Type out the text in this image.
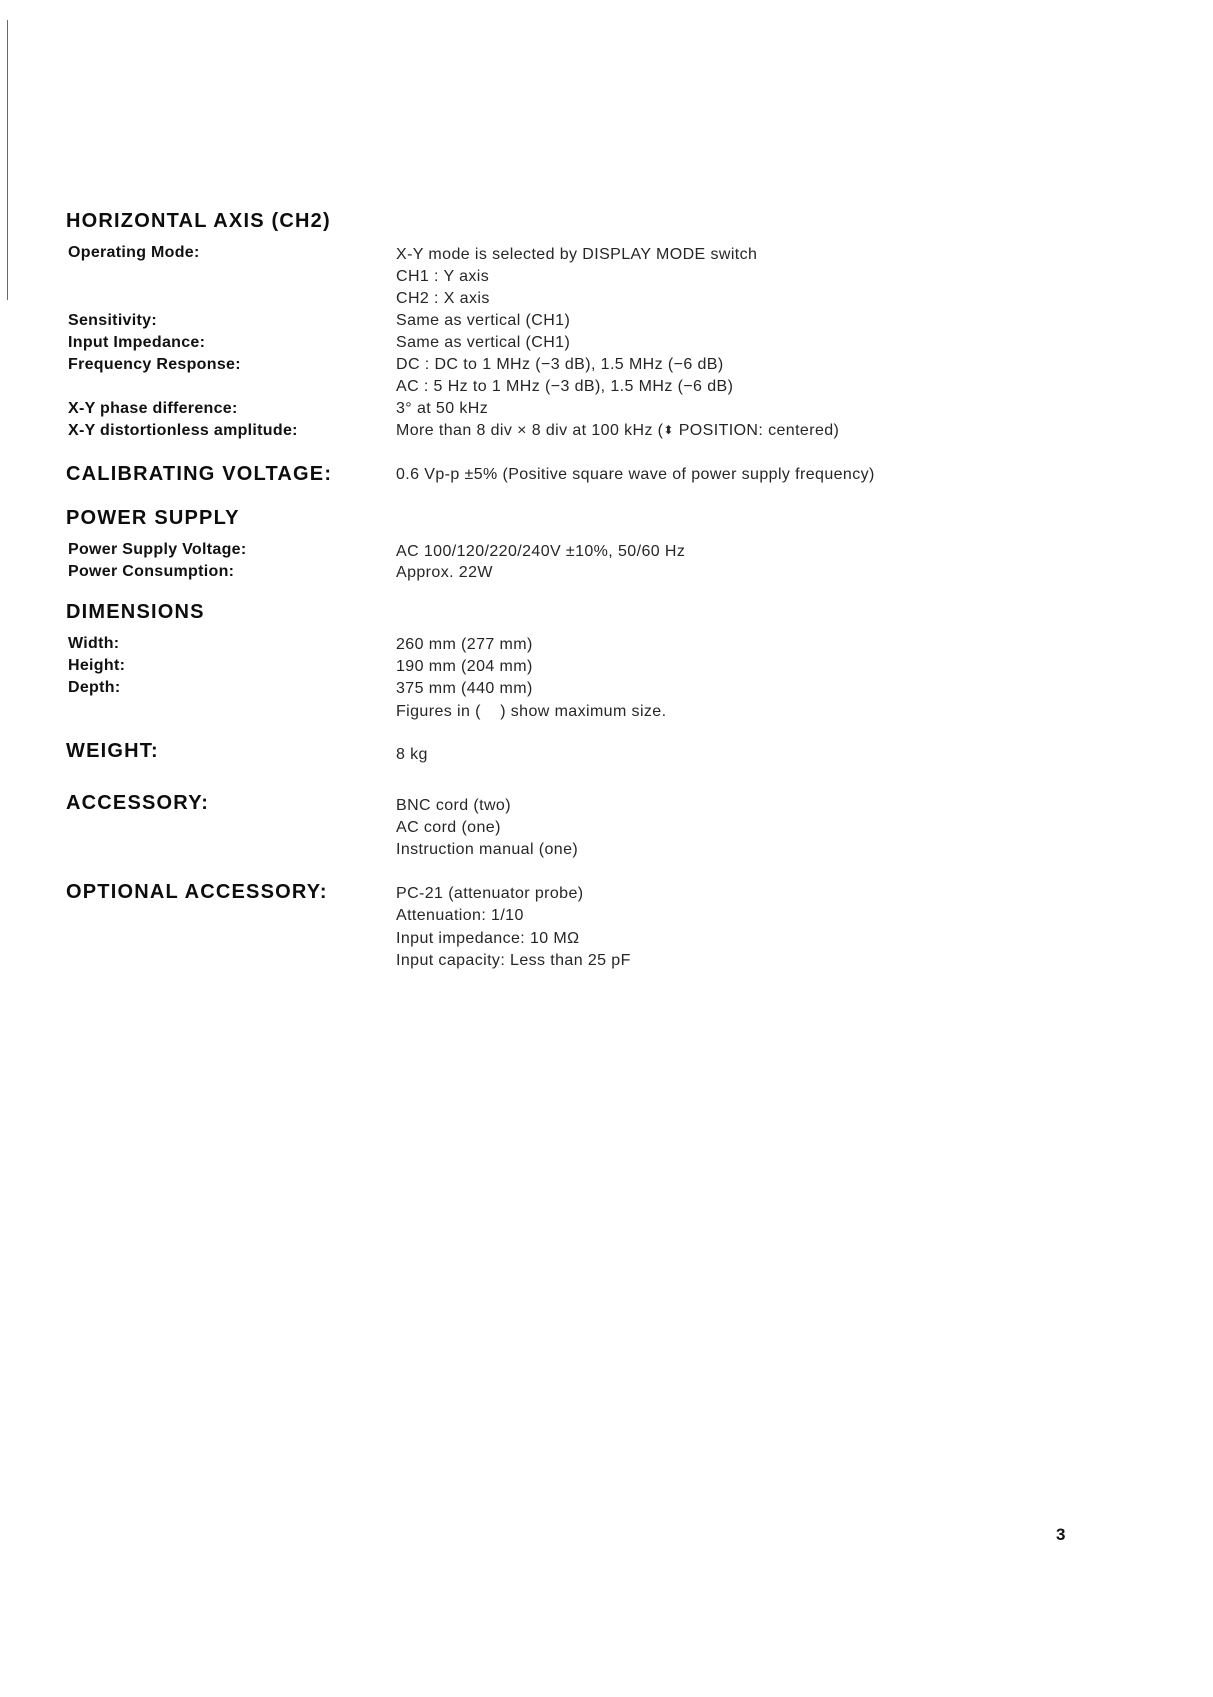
HORIZONTAL AXIS (CH2)
Operating Mode:	X-Y mode is selected by DISPLAY MODE switch
CH1 : Y axis
CH2 : X axis
Sensitivity:	Same as vertical (CH1)
Input Impedance:	Same as vertical (CH1)
Frequency Response:	DC : DC to 1 MHz (−3 dB), 1.5 MHz (−6 dB)
AC : 5 Hz to 1 MHz (−3 dB), 1.5 MHz (−6 dB)
X-Y phase difference:	3° at 50 kHz
X-Y distortionless amplitude:	More than 8 div × 8 div at 100 kHz (⬍ POSITION: centered)
CALIBRATING VOLTAGE:	0.6 Vp-p ±5% (Positive square wave of power supply frequency)
POWER SUPPLY
Power Supply Voltage:	AC 100/120/220/240V ±10%, 50/60 Hz
Power Consumption:	Approx. 22W
DIMENSIONS
Width:	260 mm (277 mm)
Height:	190 mm (204 mm)
Depth:	375 mm (440 mm)
Figures in (    ) show maximum size.
WEIGHT:	8 kg
ACCESSORY:	BNC cord (two)
AC cord (one)
Instruction manual (one)
OPTIONAL ACCESSORY:	PC-21 (attenuator probe)
Attenuation: 1/10
Input impedance: 10 MΩ
Input capacity: Less than 25 pF
3
